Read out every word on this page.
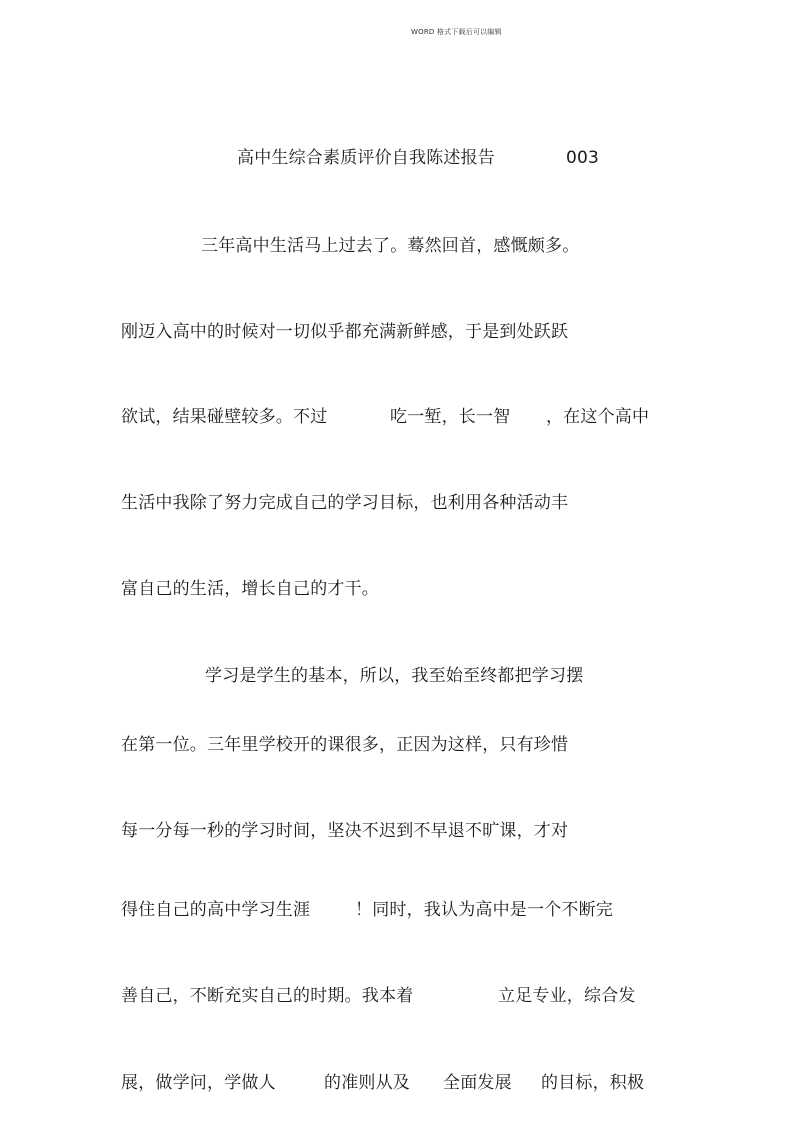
WORD 格式下载后可以编辑
高中生综合素质评价自我陈述报告	003
三年高中生活马上过去了。蓦然回首，感慨颇多。
刚迈入高中的时候对一切似乎都充满新鲜感，于是到处跃跃
欲试，结果碰壁较多。不过	吃一堑，长一智 ，在这个高中
生活中我除了努力完成自己的学习目标，也利用各种活动丰
富自己的生活，增长自己的才干。
学习是学生的基本，所以，我至始至终都把学习摆
在第一位。三年里学校开的课很多，正因为这样，只有珍惜
每一分每一秒的学习时间，坚决不迟到不早退不旷课，才对
得住自己的高中学习生涯	！同时，我认为高中是一个不断完
善自己，不断充实自己的时期。我本着	立足专业，综合发
展，做学问，学做人	的准则从及 全面发展 的目标，积极
